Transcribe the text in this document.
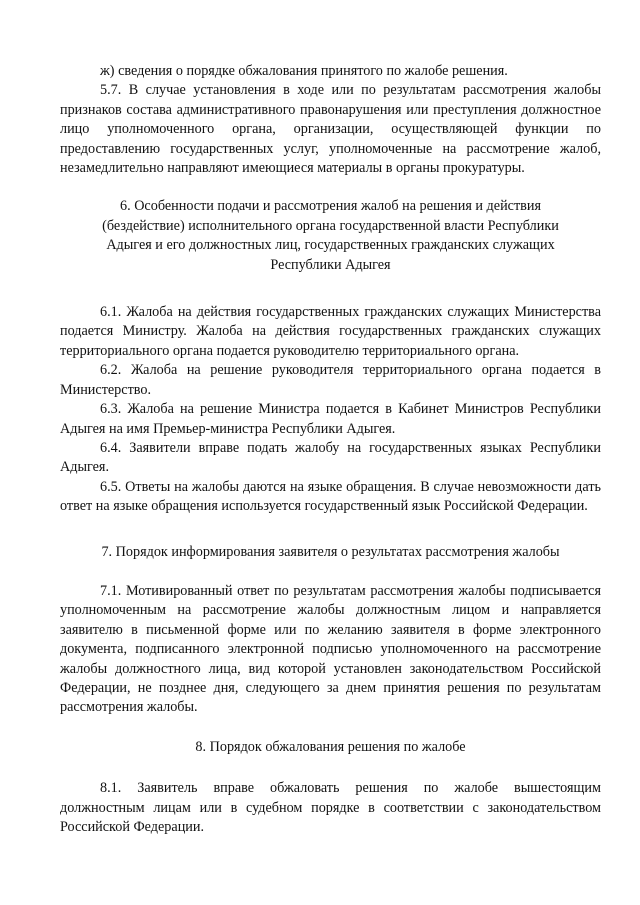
ж) сведения о порядке обжалования принятого по жалобе решения.

5.7. В случае установления в ходе или по результатам рассмотрения жалобы признаков состава административного правонарушения или преступления должностное лицо уполномоченного органа, организации, осуществляющей функции по предоставлению государственных услуг, уполномоченные на рассмотрение жалоб, незамедлительно направляют имеющиеся материалы в органы прокуратуры.

6. Особенности подачи и рассмотрения жалоб на решения и действия

(бездействие) исполнительного органа государственной власти Республики

Адыгея и его должностных лиц, государственных гражданских служащих

Республики Адыгея

6.1. Жалоба на действия государственных гражданских служащих Министерства подается Министру. Жалоба на действия государственных гражданских служащих территориального органа подается руководителю территориального органа.

6.2. Жалоба на решение руководителя территориального органа подается в Министерство.

6.3. Жалоба на решение Министра подается в Кабинет Министров Республики Адыгея на имя Премьер-министра Республики Адыгея.

6.4. Заявители вправе подать жалобу на государственных языках Республики Адыгея.

6.5. Ответы на жалобы даются на языке обращения. В случае невозможности дать ответ на языке обращения используется государственный язык Российской Федерации.

7. Порядок информирования заявителя о результатах рассмотрения жалобы

7.1. Мотивированный ответ по результатам рассмотрения жалобы подписывается уполномоченным на рассмотрение жалобы должностным лицом и направляется заявителю в письменной форме или по желанию заявителя в форме электронного документа, подписанного электронной подписью уполномоченного на рассмотрение жалобы должностного лица, вид которой установлен законодательством Российской Федерации, не позднее дня, следующего за днем принятия решения по результатам рассмотрения жалобы.

8. Порядок обжалования решения по жалобе

8.1. Заявитель вправе обжаловать решения по жалобе вышестоящим должностным лицам или в судебном порядке в соответствии с законодательством Российской Федерации.
